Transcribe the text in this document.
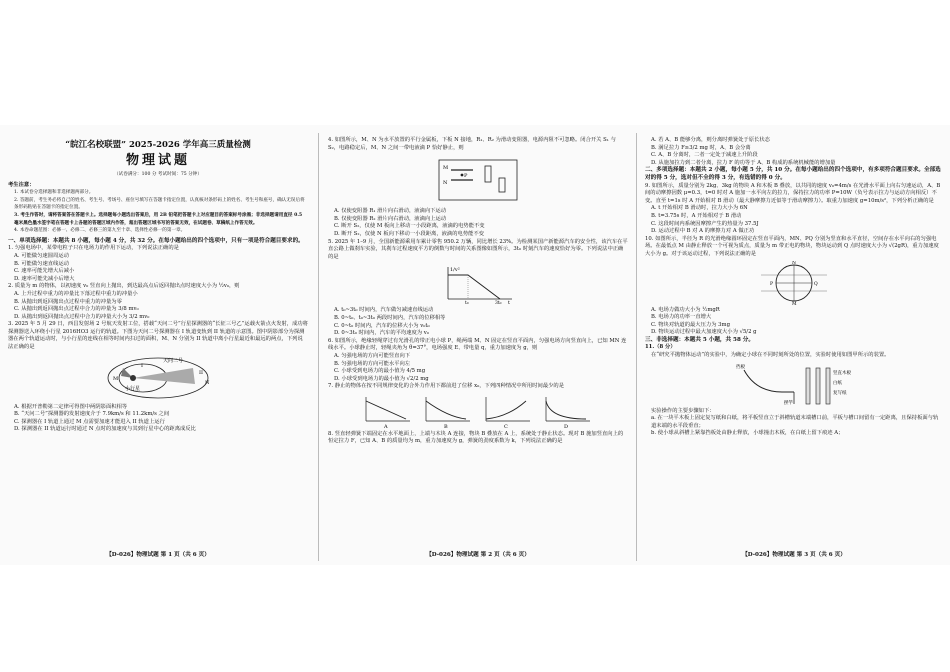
“皖江名校联盟” 2025-2026 学年高三质量检测

物理试题

（试卷满分：100 分 考试时间：75 分钟）

考生注意：

1. 本试卷分选择题和非选择题两部分。

2. 答题前，考生务必将自己的姓名、考生号、考场号、座位号填写在答题卡指定位置，认真核对条形码上的姓名、考生号和座号，确认无误后将条形码粘贴在答题卡的指定位置。

3. 考生作答时，请将答案答在答题卡上。选择题每小题选出答案后，用 2B 铅笔把答题卡上对应题目的答案标号涂黑；非选择题请用直径 0.5 毫米黑色墨水签字笔在答题卡上各题的答题区域内作答，超出答题区域书写的答案无效，在试题卷、草稿纸上作答无效。

4. 本卷命题范围：必修一、必修二、必修三的第九至十章、选择性必修一的第一章。

一、单项选择题：本题共 8 小题，每小题 4 分，共 32 分。在每小题给出的四个选项中，只有一项是符合题目要求的。

1. 匀强电场中，某带电粒子只在电场力的作用下运动，下列说法正确的是

A. 可能做匀速圆周运动

B. 可能做匀速直线运动

C. 速率可能先增大后减小

D. 速率可能先减小后增大

2. 质量为 m 的物体，以初速度 v₀ 竖直向上抛出，到达最高点后返回抛出点时速度大小为 ½v₀，则

A. 上升过程中重力的冲量比下落过程中重力的冲量小

B. 从抛出到返回抛出点过程中重力的冲量为零

C. 从抛出到返回抛出点过程中合力的冲量为 3/8 mv₀

D. 从抛出到返回抛出点过程中合力的冲量大小为 3/2 mv₀

3. 2025 年 5 月 29 日，西昌发射场 2 号航天发射工位，搭载“天问二号”行星探测器的“长征三号乙”运载火箭点火发射，成功将探测器送入环绕小行星 2016HO3 运行的轨道。下图为天问二号探测器在 I 轨道变轨到 II 轨道的示意图。图中阴影部分为探测器在两个轨道运动时，与小行星的连线在相等时间内扫过的面积，M、N 分别为 II 轨道中离小行星最近和最远的两点，下列说法正确的是

天问二号
I
II
M
N
小行星

A. 根据开普勒第二定律可得图中两阴影面积相等

B. “天问二号”探测器的发射速度介于 7.9km/s 和 11.2km/s 之间

C. 探测器在 I 轨道上通过 M 点需要加速才能进入 II 轨道上运行

D. 探测器在 II 轨道运行时通过 N 点时的加速度与其到行星中心的距离成反比

【D-026】物理试题 第 1 页（共 6 页）

4. 如图所示，M、N 为水平放置的平行金属板，下板 N 接地，R₁、R₂ 为滑动变阻器，电源内阻不可忽略。闭合开关 S₁ 与 S₂，电路稳定后，M、N 之间一带电液滴 P 恰好静止，则

M
N
P

A. 仅使变阻器 R₁ 滑片向右滑动，液滴向下运动

B. 仅使变阻器 R₂ 滑片向右滑动，液滴向上运动

C. 断开 S₂，仅使 M 板向上移动一小段距离，液滴的电势能不变

D. 断开 S₂，仅使 N 板向下移动一小段距离，液滴的电势能不变

5. 2025 年 1–9 月，全国新能源乘用车累计零售 950.2 万辆，同比增长 23%。为检测某国产新能源汽车的安全性，该汽车在平直公路上做刹车实验，其刹车过程速度平方的倒数与时间的关系图像如图所示，3t₀ 时刻汽车的速度恰好为零。下列说法中正确的是

1/v²
t
t₀	3t₀

A. t₀~3t₀ 时间内，汽车做匀减速直线运动

B. 0~t₀、t₀~3t₀ 两段时间内，汽车的位移相等

C. 0~t₀ 时间内，汽车的位移大小为 v₀t₀

D. 0~3t₀ 时间内，汽车的平均速度为 v₀

6. 如图所示，绝缘轻绳穿过有光滑孔的带正电小球 P，绳两端 M、N 固定在竖直平面内，匀强电场方向竖直向上，已知 MN 连线水平。小球静止时，轻绳夹角为 θ=37°，电场强度 E、带电量 q，重力加速度为 g，则

A. 匀强电场的方向可能竖直向下

B. 匀强电场的方向可能水平向左

C. 小球受到电场力的最小值为 4/5 mg

D. 小球受到电场力的最小值为 √2/2 mg

7. 静止的物体在按不同规律变化的合外力作用下都前进了位移 x₀，下列四种情况中所用时间最少的是

A	B	C	D

8. 竖直轻弹簧下端固定在水平地面上，上端与木块 A 连接，物块 B 叠放在 A 上，系统处于静止状态。现对 B 施加竖直向上的恒定拉力 F，已知 A、B 的质量均为 m，重力加速度为 g，弹簧的劲度系数为 k，下列说法正确的是

【D-026】物理试题 第 2 页（共 6 页）

A. 若 A、B 能够分离，则分离时弹簧处于原长状态

B. 满足拉力 F≥3/2 mg 时，A、B 会分离

C. A、B 分离时，二者一定处于减速上升阶段

D. 从施加拉力到二者分离，拉力 F 的功等于 A、B 构成的系统机械能的增加量

二、多项选择题：本题共 2 小题，每小题 5 分，共 10 分。在每小题给出的四个选项中，有多项符合题目要求。全部选对的得 5 分，选对但不全的得 3 分，有选错的得 0 分。

9. 如图所示，质量分别为 2kg、3kg 的物块 A 和木板 B 叠放，以共同的速度 v₀=4m/s 在光滑水平面上向右匀速运动，A、B 间的动摩擦因数 μ=0.3，t=0 时对 A 施加一水平向左的拉力，保持拉力的功率 P=10W（负号表示拉力与运动方向相反）不变。直至 t=1s 时 A 开始相对 B 滑动（最大静摩擦力近似等于滑动摩擦力）。取重力加速度 g=10m/s²，下列分析正确的是

A. t 开始相对 B 滑动时，拉力大小为 6N

B. t=3.75s 时，A 开始相对于 B 滑动

C. 这段时间内系统因摩擦产生的热量为 37.5J

D. 运动过程中 B 对 A 的摩擦力对 A 做正功

10. 如图所示，半径为 R 的光滑绝缘圆环固定在竖直平面内，MN、PQ 分别为竖直和水平直径，空间存在水平向右的匀强电场。在最低点 M 由静止释放一个可视为质点，质量为 m 带正电的物块，物块运动到 Q 点时速度大小为 √(2gR)，重力加速度大小为 g。对于该运动过程，下列说法正确的是

N
M
P	Q

A. 电场力做功大小为 ½mgR

B. 电场力的功率一直增大

C. 物块对轨道的最大压力为 3mg

D. 物块运动过程中最大加速度大小为 √5/2 g

三、非选择题：本题共 5 小题，共 58 分。

11.（8 分）

在“研究平抛物体运动”的实验中，为确定小球在不同时刻所处的位置，实验时使用如图甲所示的装置。

挡板
竖直木板
白纸
复写纸
摆竿

实验操作的主要步骤如下：

a. 在一块平木板上固定复写纸和白纸，将平板竖直立于斜槽轨道末端槽口前，平板与槽口间留有一定距离，且保持板面与轨道末端的水平段垂直；

b. 使小球从斜槽上紧靠挡板处由静止释放，小球撞击木板，在白纸上留下痕迹 A；

【D-026】物理试题 第 3 页（共 6 页）
